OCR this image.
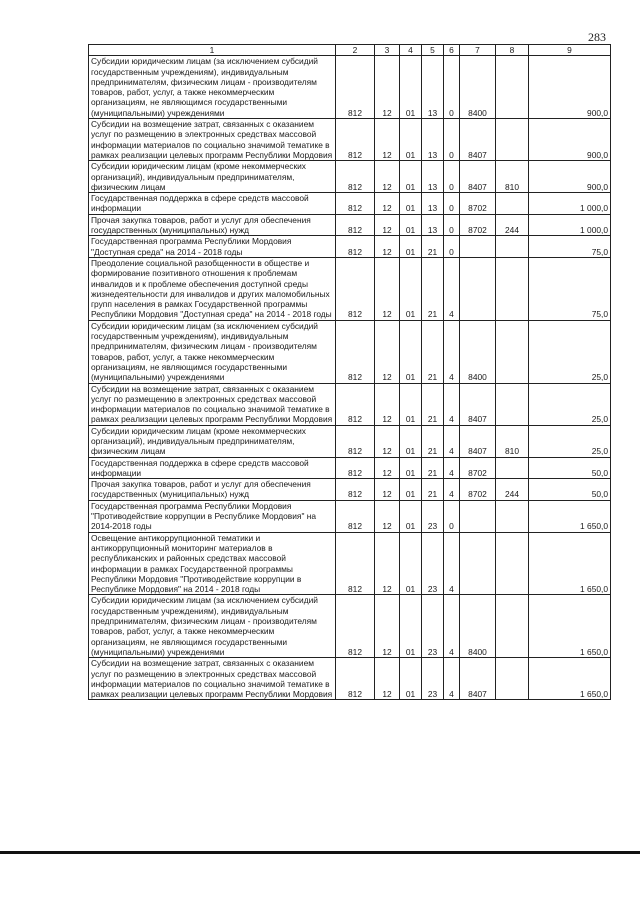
283
1	2	3	4	5	6	7	8	9
Субсидии юридическим лицам (за исключением субсидий государственным учреждениям), индивидуальным предпринимателям, физическим лицам - производителям товаров, работ, услуг, а также некоммерческим организациям, не являющимся государственными (муниципальными) учреждениями	812	12	01	13	0	8400		900,0
Субсидии на возмещение затрат, связанных с оказанием услуг по размещению в электронных средствах массовой информации материалов по социально значимой тематике в рамках реализации целевых программ Республики Мордовия	812	12	01	13	0	8407		900,0
Субсидии юридическим лицам (кроме некоммерческих организаций), индивидуальным предпринимателям, физическим лицам	812	12	01	13	0	8407	810	900,0
Государственная поддержка в сфере средств массовой информации	812	12	01	13	0	8702		1 000,0
Прочая закупка товаров, работ и услуг для обеспечения государственных (муниципальных) нужд	812	12	01	13	0	8702	244	1 000,0
Государственная программа Республики Мордовия "Доступная среда" на 2014 - 2018 годы	812	12	01	21	0			75,0
Преодоление социальной разобщенности в обществе и формирование позитивного отношения к проблемам инвалидов и к проблеме обеспечения доступной среды жизнедеятельности для инвалидов и других маломобильных групп населения в рамках Государственной программы Республики Мордовия "Доступная среда" на 2014 - 2018 годы	812	12	01	21	4			75,0
Субсидии юридическим лицам (за исключением субсидий государственным учреждениям), индивидуальным предпринимателям, физическим лицам - производителям товаров, работ, услуг, а также некоммерческим организациям, не являющимся государственными (муниципальными) учреждениями	812	12	01	21	4	8400		25,0
Субсидии на возмещение затрат, связанных с оказанием услуг по размещению в электронных средствах массовой информации материалов по социально значимой тематике в рамках реализации целевых программ Республики Мордовия	812	12	01	21	4	8407		25,0
Субсидии юридическим лицам (кроме некоммерческих организаций), индивидуальным предпринимателям, физическим лицам	812	12	01	21	4	8407	810	25,0
Государственная поддержка в сфере средств массовой информации	812	12	01	21	4	8702		50,0
Прочая закупка товаров, работ и услуг для обеспечения государственных (муниципальных) нужд	812	12	01	21	4	8702	244	50,0
Государственная программа Республики Мордовия "Противодействие коррупции в Республике Мордовия" на 2014-2018 годы	812	12	01	23	0			1 650,0
Освещение антикоррупционной тематики и антикоррупционный мониторинг материалов в республиканских и районных средствах массовой информации в рамках Государственной программы Республики Мордовия "Противодействие коррупции в Республике Мордовия" на 2014 - 2018 годы	812	12	01	23	4			1 650,0
Субсидии юридическим лицам (за исключением субсидий государственным учреждениям), индивидуальным предпринимателям, физическим лицам - производителям товаров, работ, услуг, а также некоммерческим организациям, не являющимся государственными (муниципальными) учреждениями	812	12	01	23	4	8400		1 650,0
Субсидии на возмещение затрат, связанных с оказанием услуг по размещению в электронных средствах массовой информации материалов по социально значимой тематике в рамках реализации целевых программ Республики Мордовия	812	12	01	23	4	8407		1 650,0
